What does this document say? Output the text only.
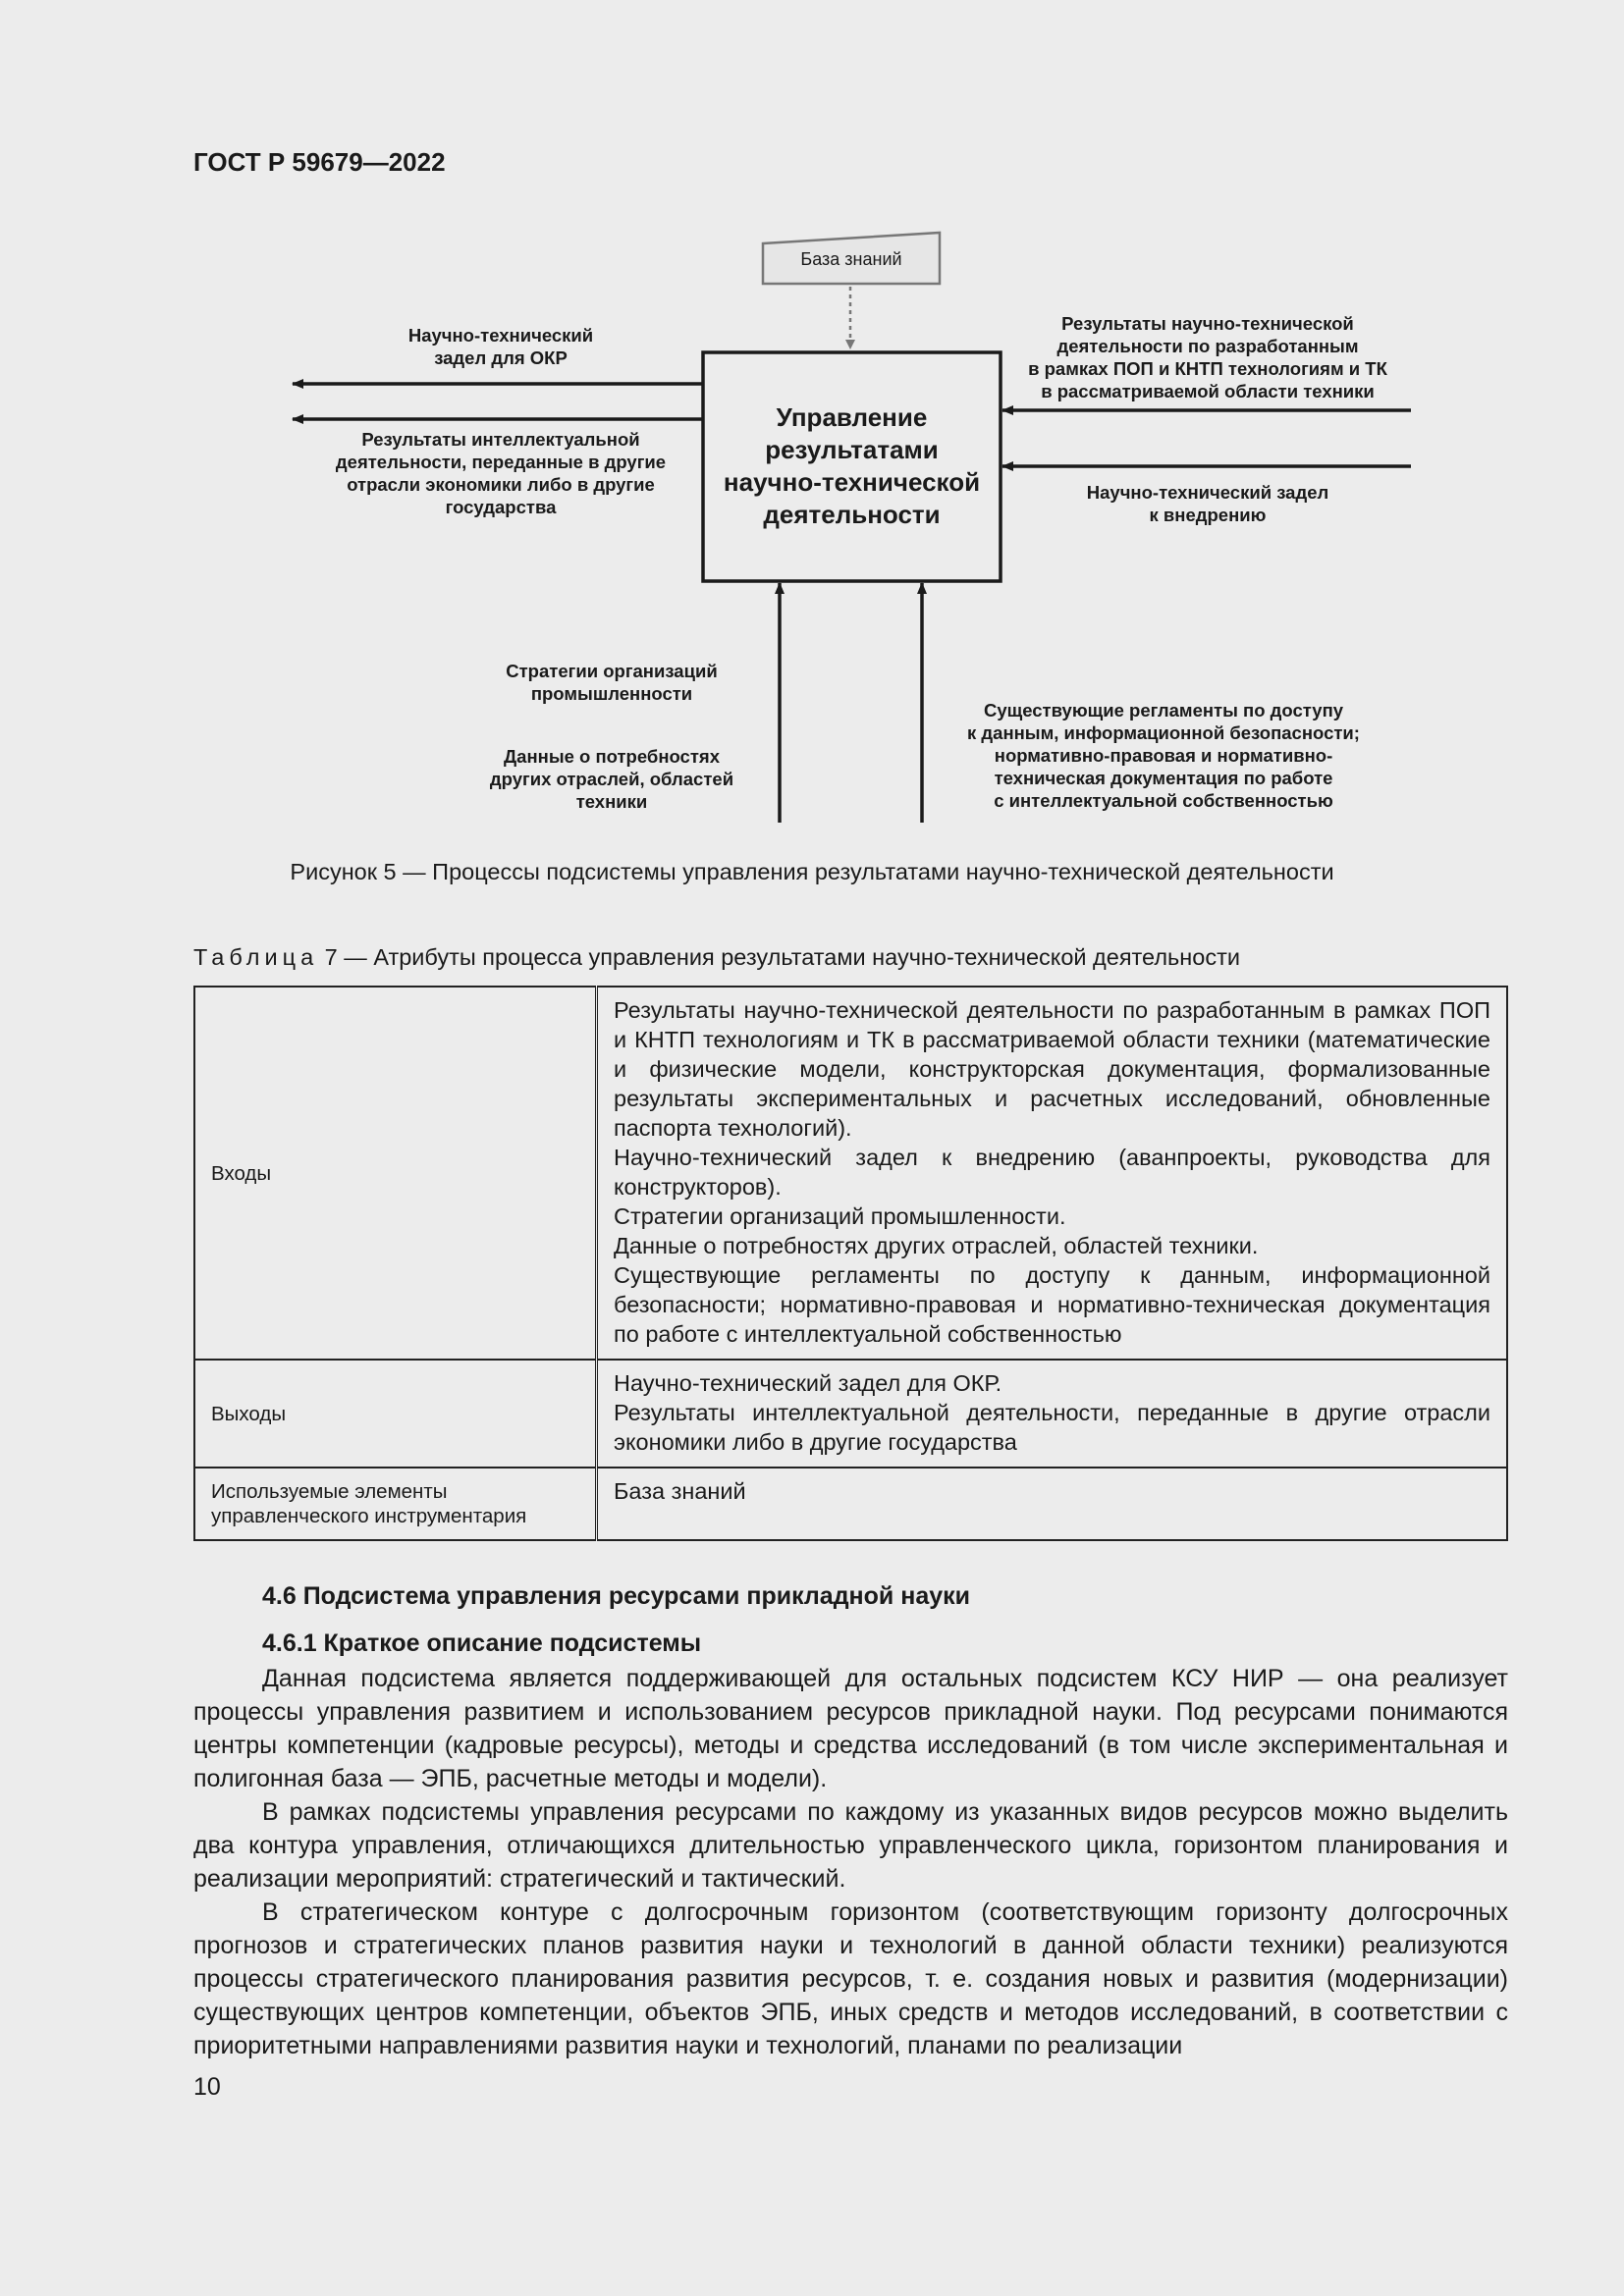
ГОСТ Р 59679—2022
База знаний
Управление
результатами
научно-технической
деятельности
Научно-технический
задел для ОКР
Результаты интеллектуальной
деятельности, переданные в другие
отрасли экономики либо в другие
государства
Результаты научно-технической
деятельности по разработанным
в рамках ПОП и КНТП технологиям и ТК
в рассматриваемой области техники
Научно-технический задел
к внедрению
Стратегии организаций
промышленности
Данные о потребностях
других отраслей, областей
техники
Существующие регламенты по доступу
к данным, информационной безопасности;
нормативно-правовая и нормативно-
техническая документация по работе
с интеллектуальной собственностью
Рисунок 5 — Процессы подсистемы управления результатами научно-технической деятельности
Таблица 7 — Атрибуты процесса управления результатами научно-технической деятельности
Входы	Результаты научно-технической деятельности по разработанным в рамках ПОП и КНТП технологиям и ТК в рассматриваемой области техники (математические и физические модели, конструкторская документация, формализованные результаты экспериментальных и расчетных исследований, обновленные паспорта технологий).
Научно-технический задел к внедрению (аванпроекты, руководства для конструкторов).
Стратегии организаций промышленности.
Данные о потребностях других отраслей, областей техники.
Существующие регламенты по доступу к данным, информационной безопасности; нормативно-правовая и нормативно-техническая документация по работе с интеллектуальной собственностью

Выходы	Научно-технический задел для ОКР.
Результаты интеллектуальной деятельности, переданные в другие отрасли экономики либо в другие государства

Используемые элементы управленческого инструментария	База знаний
4.6 Подсистема управления ресурсами прикладной науки
4.6.1 Краткое описание подсистемы

Данная подсистема является поддерживающей для остальных подсистем КСУ НИР — она реализует процессы управления развитием и использованием ресурсов прикладной науки. Под ресурсами понимаются центры компетенции (кадровые ресурсы), методы и средства исследований (в том числе экспериментальная и полигонная база — ЭПБ, расчетные методы и модели).

В рамках подсистемы управления ресурсами по каждому из указанных видов ресурсов можно выделить два контура управления, отличающихся длительностью управленческого цикла, горизонтом планирования и реализации мероприятий: стратегический и тактический.

В стратегическом контуре с долгосрочным горизонтом (соответствующим горизонту долгосрочных прогнозов и стратегических планов развития науки и технологий в данной области техники) реализуются процессы стратегического планирования развития ресурсов, т. е. создания новых и развития (модернизации) существующих центров компетенции, объектов ЭПБ, иных средств и методов исследований, в соответствии с приоритетными направлениями развития науки и технологий, планами по реализации

10
